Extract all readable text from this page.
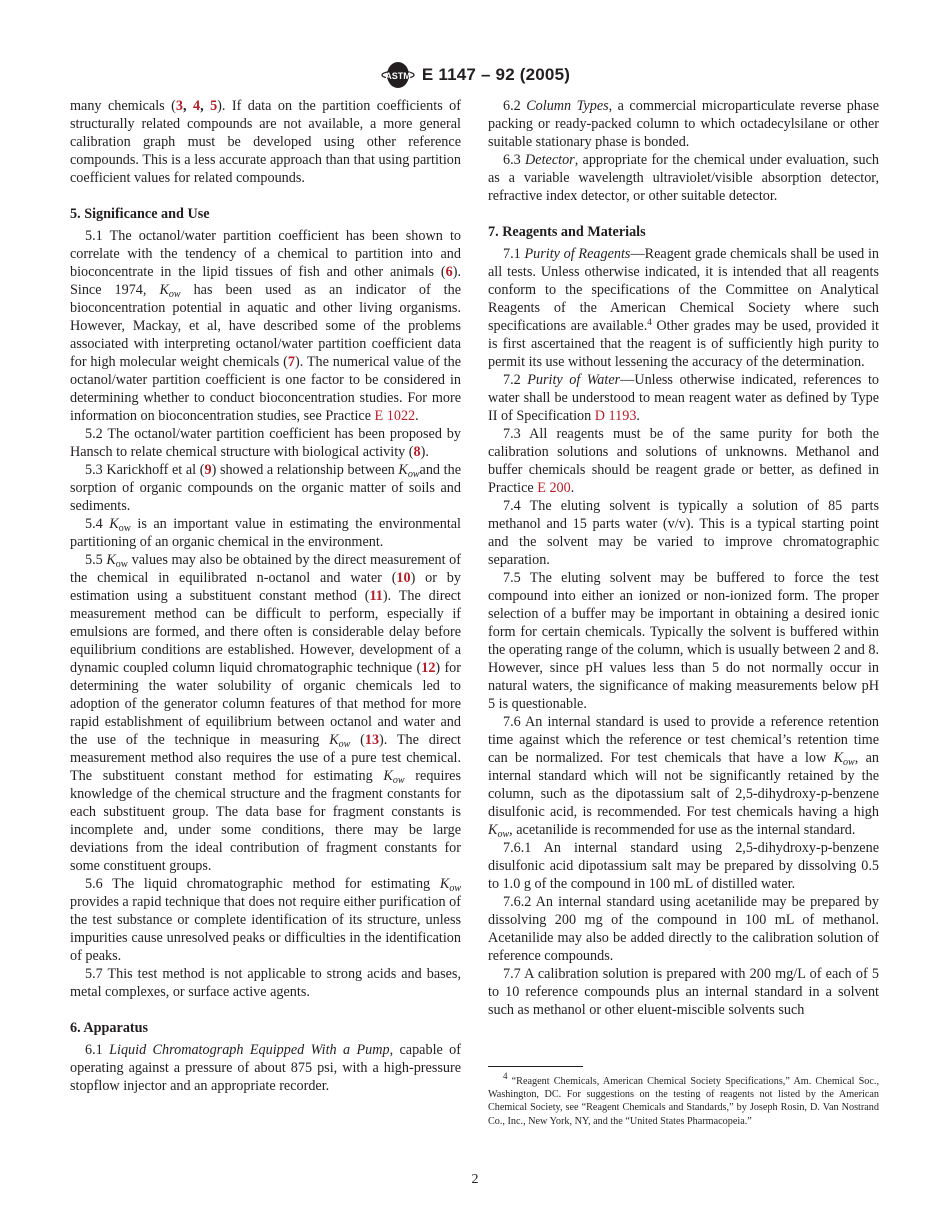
ASTM E 1147 – 92 (2005)

many chemicals (3, 4, 5). If data on the partition coefficients of structurally related compounds are not available, a more general calibration graph must be developed using other reference compounds. This is a less accurate approach than that using partition coefficient values for related compounds.

5. Significance and Use

5.1 The octanol/water partition coefficient has been shown to correlate with the tendency of a chemical to partition into and bioconcentrate in the lipid tissues of fish and other animals (6). Since 1974, $K_{ow}$ has been used as an indicator of the bioconcentration potential in aquatic and other living organisms. However, Mackay, et al, have described some of the problems associated with interpreting octanol/water partition coefficient data for high molecular weight chemicals (7). The numerical value of the octanol/water partition coefficient is one factor to be considered in determining whether to conduct bioconcentration studies. For more information on bioconcentration studies, see Practice E 1022.

5.2 The octanol/water partition coefficient has been proposed by Hansch to relate chemical structure with biological activity (8).

5.3 Karickhoff et al (9) showed a relationship between $K_{ow}and$ the sorption of organic compounds on the organic matter of soils and sediments.

5.4 $K_{ow}$ is an important value in estimating the environmental partitioning of an organic chemical in the environment.

5.5 $K_{ow}$ values may also be obtained by the direct measurement of the chemical in equilibrated n-octanol and water (10) or by estimation using a substituent constant method (11). The direct measurement method can be difficult to perform, especially if emulsions are formed, and there often is considerable delay before equilibrium conditions are established. However, development of a dynamic coupled column liquid chromatographic technique (12) for determining the water solubility of organic chemicals led to adoption of the generator column features of that method for more rapid establishment of equilibrium between octanol and water and the use of the technique in measuring $K_{ow}$ (13). The direct measurement method also requires the use of a pure test chemical. The substituent constant method for estimating $K_{ow}$ requires knowledge of the chemical structure and the fragment constants for each substituent group. The data base for fragment constants is incomplete and, under some conditions, there may be large deviations from the ideal contribution of fragment constants for some constituent groups.

5.6 The liquid chromatographic method for estimating $K_{ow}$ provides a rapid technique that does not require either purification of the test substance or complete identification of its structure, unless impurities cause unresolved peaks or difficulties in the identification of peaks.

5.7 This test method is not applicable to strong acids and bases, metal complexes, or surface active agents.

6. Apparatus

6.1 Liquid Chromatograph Equipped With a Pump, capable of operating against a pressure of about 875 psi, with a high-pressure stopflow injector and an appropriate recorder.

6.2 Column Types, a commercial microparticulate reverse phase packing or ready-packed column to which octadecylsilane or other suitable stationary phase is bonded.

6.3 Detector, appropriate for the chemical under evaluation, such as a variable wavelength ultraviolet/visible absorption detector, refractive index detector, or other suitable detector.

7. Reagents and Materials

7.1 Purity of Reagents—Reagent grade chemicals shall be used in all tests. Unless otherwise indicated, it is intended that all reagents conform to the specifications of the Committee on Analytical Reagents of the American Chemical Society where such specifications are available.$^4$ Other grades may be used, provided it is first ascertained that the reagent is of sufficiently high purity to permit its use without lessening the accuracy of the determination.

7.2 Purity of Water—Unless otherwise indicated, references to water shall be understood to mean reagent water as defined by Type II of Specification D 1193.

7.3 All reagents must be of the same purity for both the calibration solutions and solutions of unknowns. Methanol and buffer chemicals should be reagent grade or better, as defined in Practice E 200.

7.4 The eluting solvent is typically a solution of 85 parts methanol and 15 parts water (v/v). This is a typical starting point and the solvent may be varied to improve chromatographic separation.

7.5 The eluting solvent may be buffered to force the test compound into either an ionized or non-ionized form. The proper selection of a buffer may be important in obtaining a desired ionic form for certain chemicals. Typically the solvent is buffered within the operating range of the column, which is usually between 2 and 8. However, since pH values less than 5 do not normally occur in natural waters, the significance of making measurements below pH 5 is questionable.

7.6 An internal standard is used to provide a reference retention time against which the reference or test chemical’s retention time can be normalized. For test chemicals that have a low $K_{ow}$, an internal standard which will not be significantly retained by the column, such as the dipotassium salt of 2,5-dihydroxy-p-benzene disulfonic acid, is recommended. For test chemicals having a high $K_{ow}$, acetanilide is recommended for use as the internal standard.

7.6.1 An internal standard using 2,5-dihydroxy-p-benzene disulfonic acid dipotassium salt may be prepared by dissolving 0.5 to 1.0 g of the compound in 100 mL of distilled water.

7.6.2 An internal standard using acetanilide may be prepared by dissolving 200 mg of the compound in 100 mL of methanol. Acetanilide may also be added directly to the calibration solution of reference compounds.

7.7 A calibration solution is prepared with 200 mg/L of each of 5 to 10 reference compounds plus an internal standard in a solvent such as methanol or other eluent-miscible solvents such

$^4$ “Reagent Chemicals, American Chemical Society Specifications,” Am. Chemical Soc., Washington, DC. For suggestions on the testing of reagents not listed by the American Chemical Society, see “Reagent Chemicals and Standards,” by Joseph Rosin, D. Van Nostrand Co., Inc., New York, NY, and the “United States Pharmacopeia.”

2
